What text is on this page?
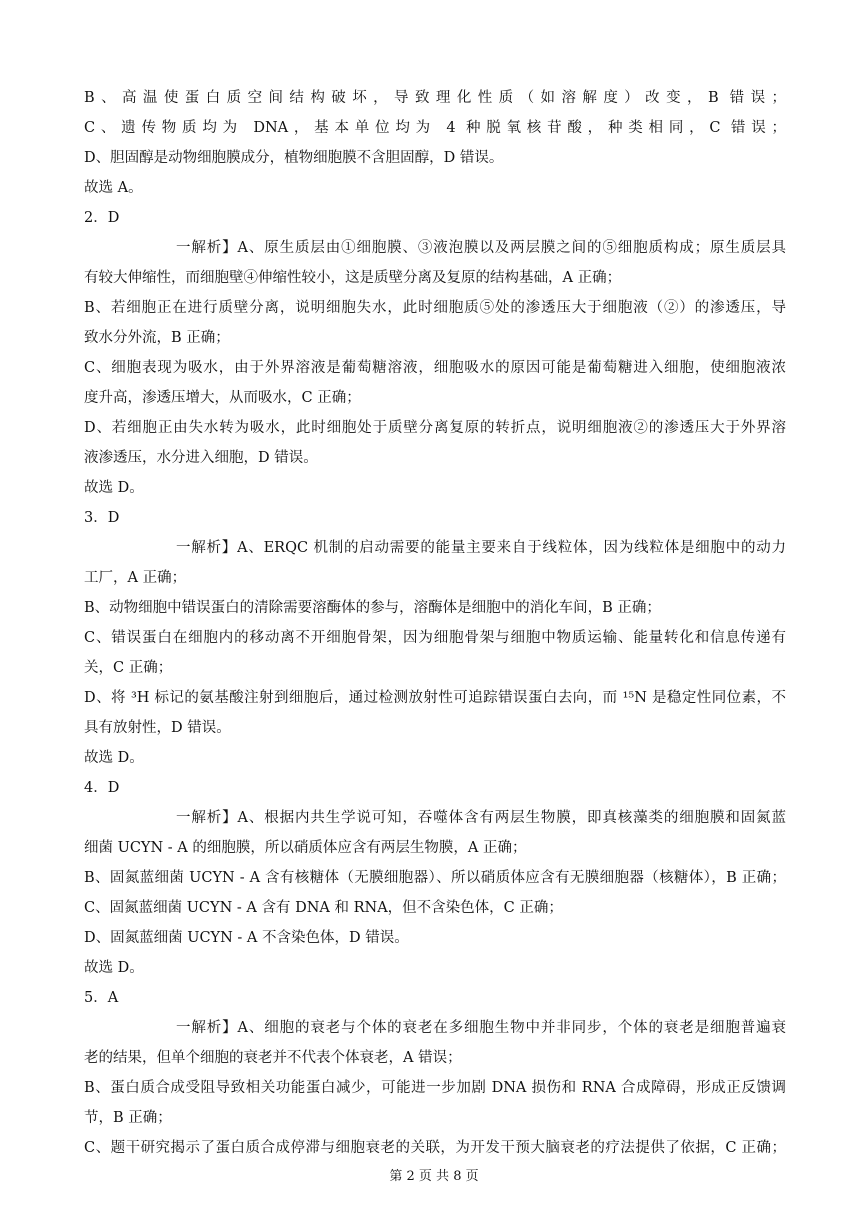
B、高温使蛋白质空间结构破坏，导致理化性质（如溶解度）改变，B 错误；
C、遗传物质均为 DNA，基本单位均为 4 种脱氧核苷酸，种类相同，C 错误；
D、胆固醇是动物细胞膜成分，植物细胞膜不含胆固醇，D 错误。
故选 A。
2．D
一解析】A、原生质层由①细胞膜、③液泡膜以及两层膜之间的⑤细胞质构成；原生质层具
有较大伸缩性，而细胞壁④伸缩性较小，这是质壁分离及复原的结构基础，A 正确；
B、若细胞正在进行质壁分离，说明细胞失水，此时细胞质⑤处的渗透压大于细胞液（②）的渗透压，导
致水分外流，B 正确；
C、细胞表现为吸水，由于外界溶液是葡萄糖溶液，细胞吸水的原因可能是葡萄糖进入细胞，使细胞液浓
度升高，渗透压增大，从而吸水，C 正确；
D、若细胞正由失水转为吸水，此时细胞处于质壁分离复原的转折点，说明细胞液②的渗透压大于外界溶
液渗透压，水分进入细胞，D 错误。
故选 D。
3．D
一解析】A、ERQC 机制的启动需要的能量主要来自于线粒体，因为线粒体是细胞中的动力
工厂，A 正确；
B、动物细胞中错误蛋白的清除需要溶酶体的参与，溶酶体是细胞中的消化车间，B 正确；
C、错误蛋白在细胞内的移动离不开细胞骨架，因为细胞骨架与细胞中物质运输、能量转化和信息传递有
关，C 正确；
D、将 ³H 标记的氨基酸注射到细胞后，通过检测放射性可追踪错误蛋白去向，而 ¹⁵N 是稳定性同位素，不
具有放射性，D 错误。
故选 D。
4．D
一解析】A、根据内共生学说可知，吞噬体含有两层生物膜，即真核藻类的细胞膜和固氮蓝
细菌 UCYN - A 的细胞膜，所以硝质体应含有两层生物膜，A 正确；
B、固氮蓝细菌 UCYN - A 含有核糖体（无膜细胞器）、所以硝质体应含有无膜细胞器（核糖体），B 正确；
C、固氮蓝细菌 UCYN - A 含有 DNA 和 RNA，但不含染色体，C 正确；
D、固氮蓝细菌 UCYN - A 不含染色体，D 错误。
故选 D。
5．A
一解析】A、细胞的衰老与个体的衰老在多细胞生物中并非同步，个体的衰老是细胞普遍衰
老的结果，但单个细胞的衰老并不代表个体衰老，A 错误；
B、蛋白质合成受阻导致相关功能蛋白减少，可能进一步加剧 DNA 损伤和 RNA 合成障碍，形成正反馈调
节，B 正确；
C、题干研究揭示了蛋白质合成停滞与细胞衰老的关联，为开发干预大脑衰老的疗法提供了依据，C 正确；
第 2 页 共 8 页
